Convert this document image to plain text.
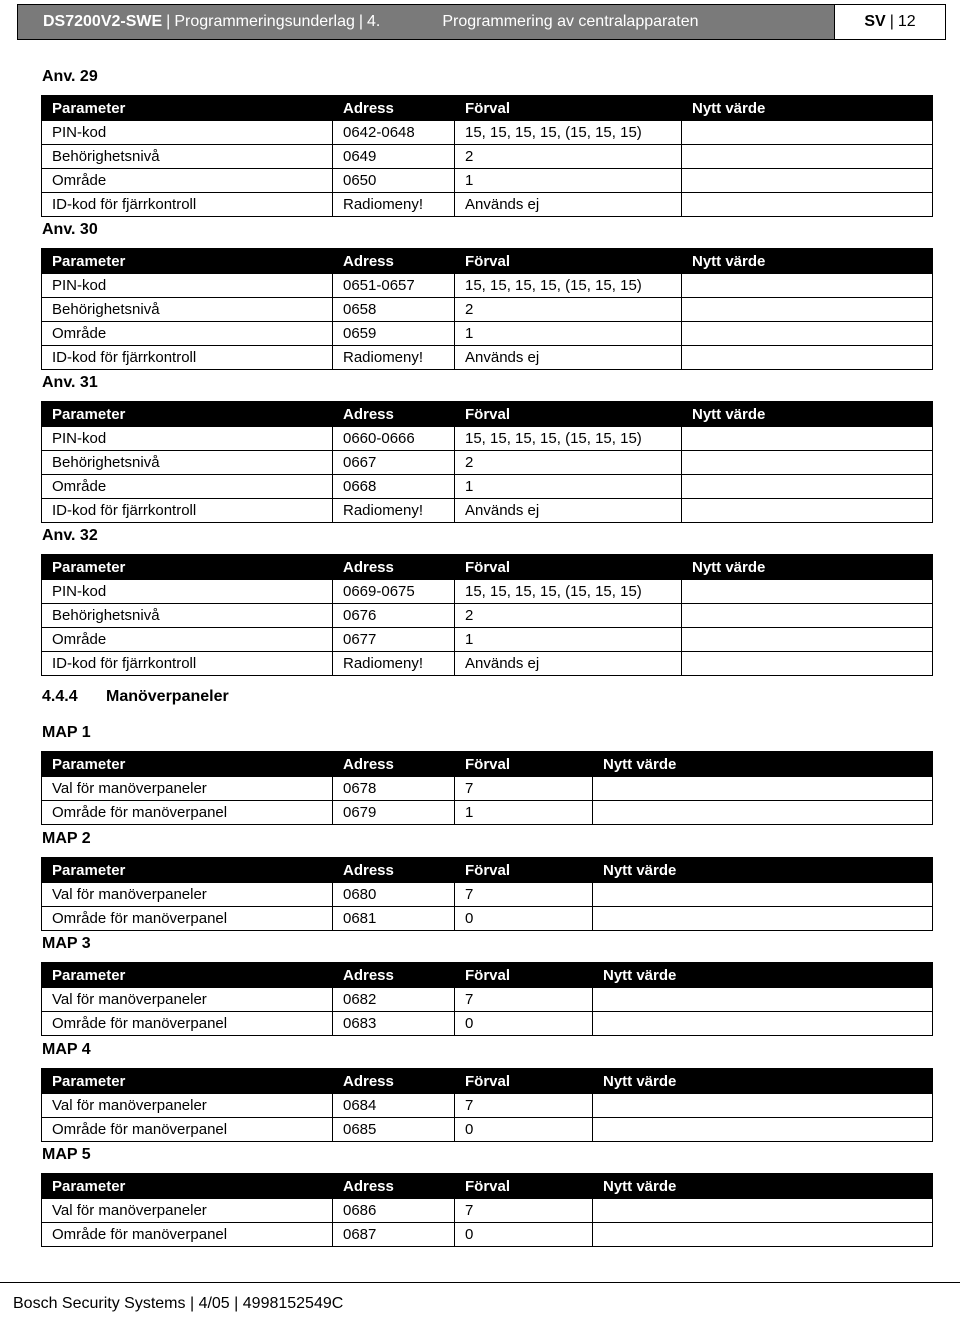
DS7200V2-SWE | Programmeringsunderlag | 4.	Programmering av centralapparaten	SV | 12
Anv. 29
Parameter	Adress	Förval	Nytt värde
PIN-kod	0642-0648	15, 15, 15, 15, (15, 15, 15)	
Behörighetsnivå	0649	2	
Område	0650	1	
ID-kod för fjärrkontroll	Radiomeny!	Används ej	
Anv. 30
Parameter	Adress	Förval	Nytt värde
PIN-kod	0651-0657	15, 15, 15, 15, (15, 15, 15)	
Behörighetsnivå	0658	2	
Område	0659	1	
ID-kod för fjärrkontroll	Radiomeny!	Används ej	
Anv. 31
Parameter	Adress	Förval	Nytt värde
PIN-kod	0660-0666	15, 15, 15, 15, (15, 15, 15)	
Behörighetsnivå	0667	2	
Område	0668	1	
ID-kod för fjärrkontroll	Radiomeny!	Används ej	
Anv. 32
Parameter	Adress	Förval	Nytt värde
PIN-kod	0669-0675	15, 15, 15, 15, (15, 15, 15)	
Behörighetsnivå	0676	2	
Område	0677	1	
ID-kod för fjärrkontroll	Radiomeny!	Används ej	
4.4.4 Manöverpaneler
MAP 1
Parameter	Adress	Förval	Nytt värde
Val för manöverpaneler	0678	7	
Område för manöverpanel	0679	1	
MAP 2
Parameter	Adress	Förval	Nytt värde
Val för manöverpaneler	0680	7	
Område för manöverpanel	0681	0	
MAP 3
Parameter	Adress	Förval	Nytt värde
Val för manöverpaneler	0682	7	
Område för manöverpanel	0683	0	
MAP 4
Parameter	Adress	Förval	Nytt värde
Val för manöverpaneler	0684	7	
Område för manöverpanel	0685	0	
MAP 5
Parameter	Adress	Förval	Nytt värde
Val för manöverpaneler	0686	7	
Område för manöverpanel	0687	0	
Bosch Security Systems | 4/05 | 4998152549C
